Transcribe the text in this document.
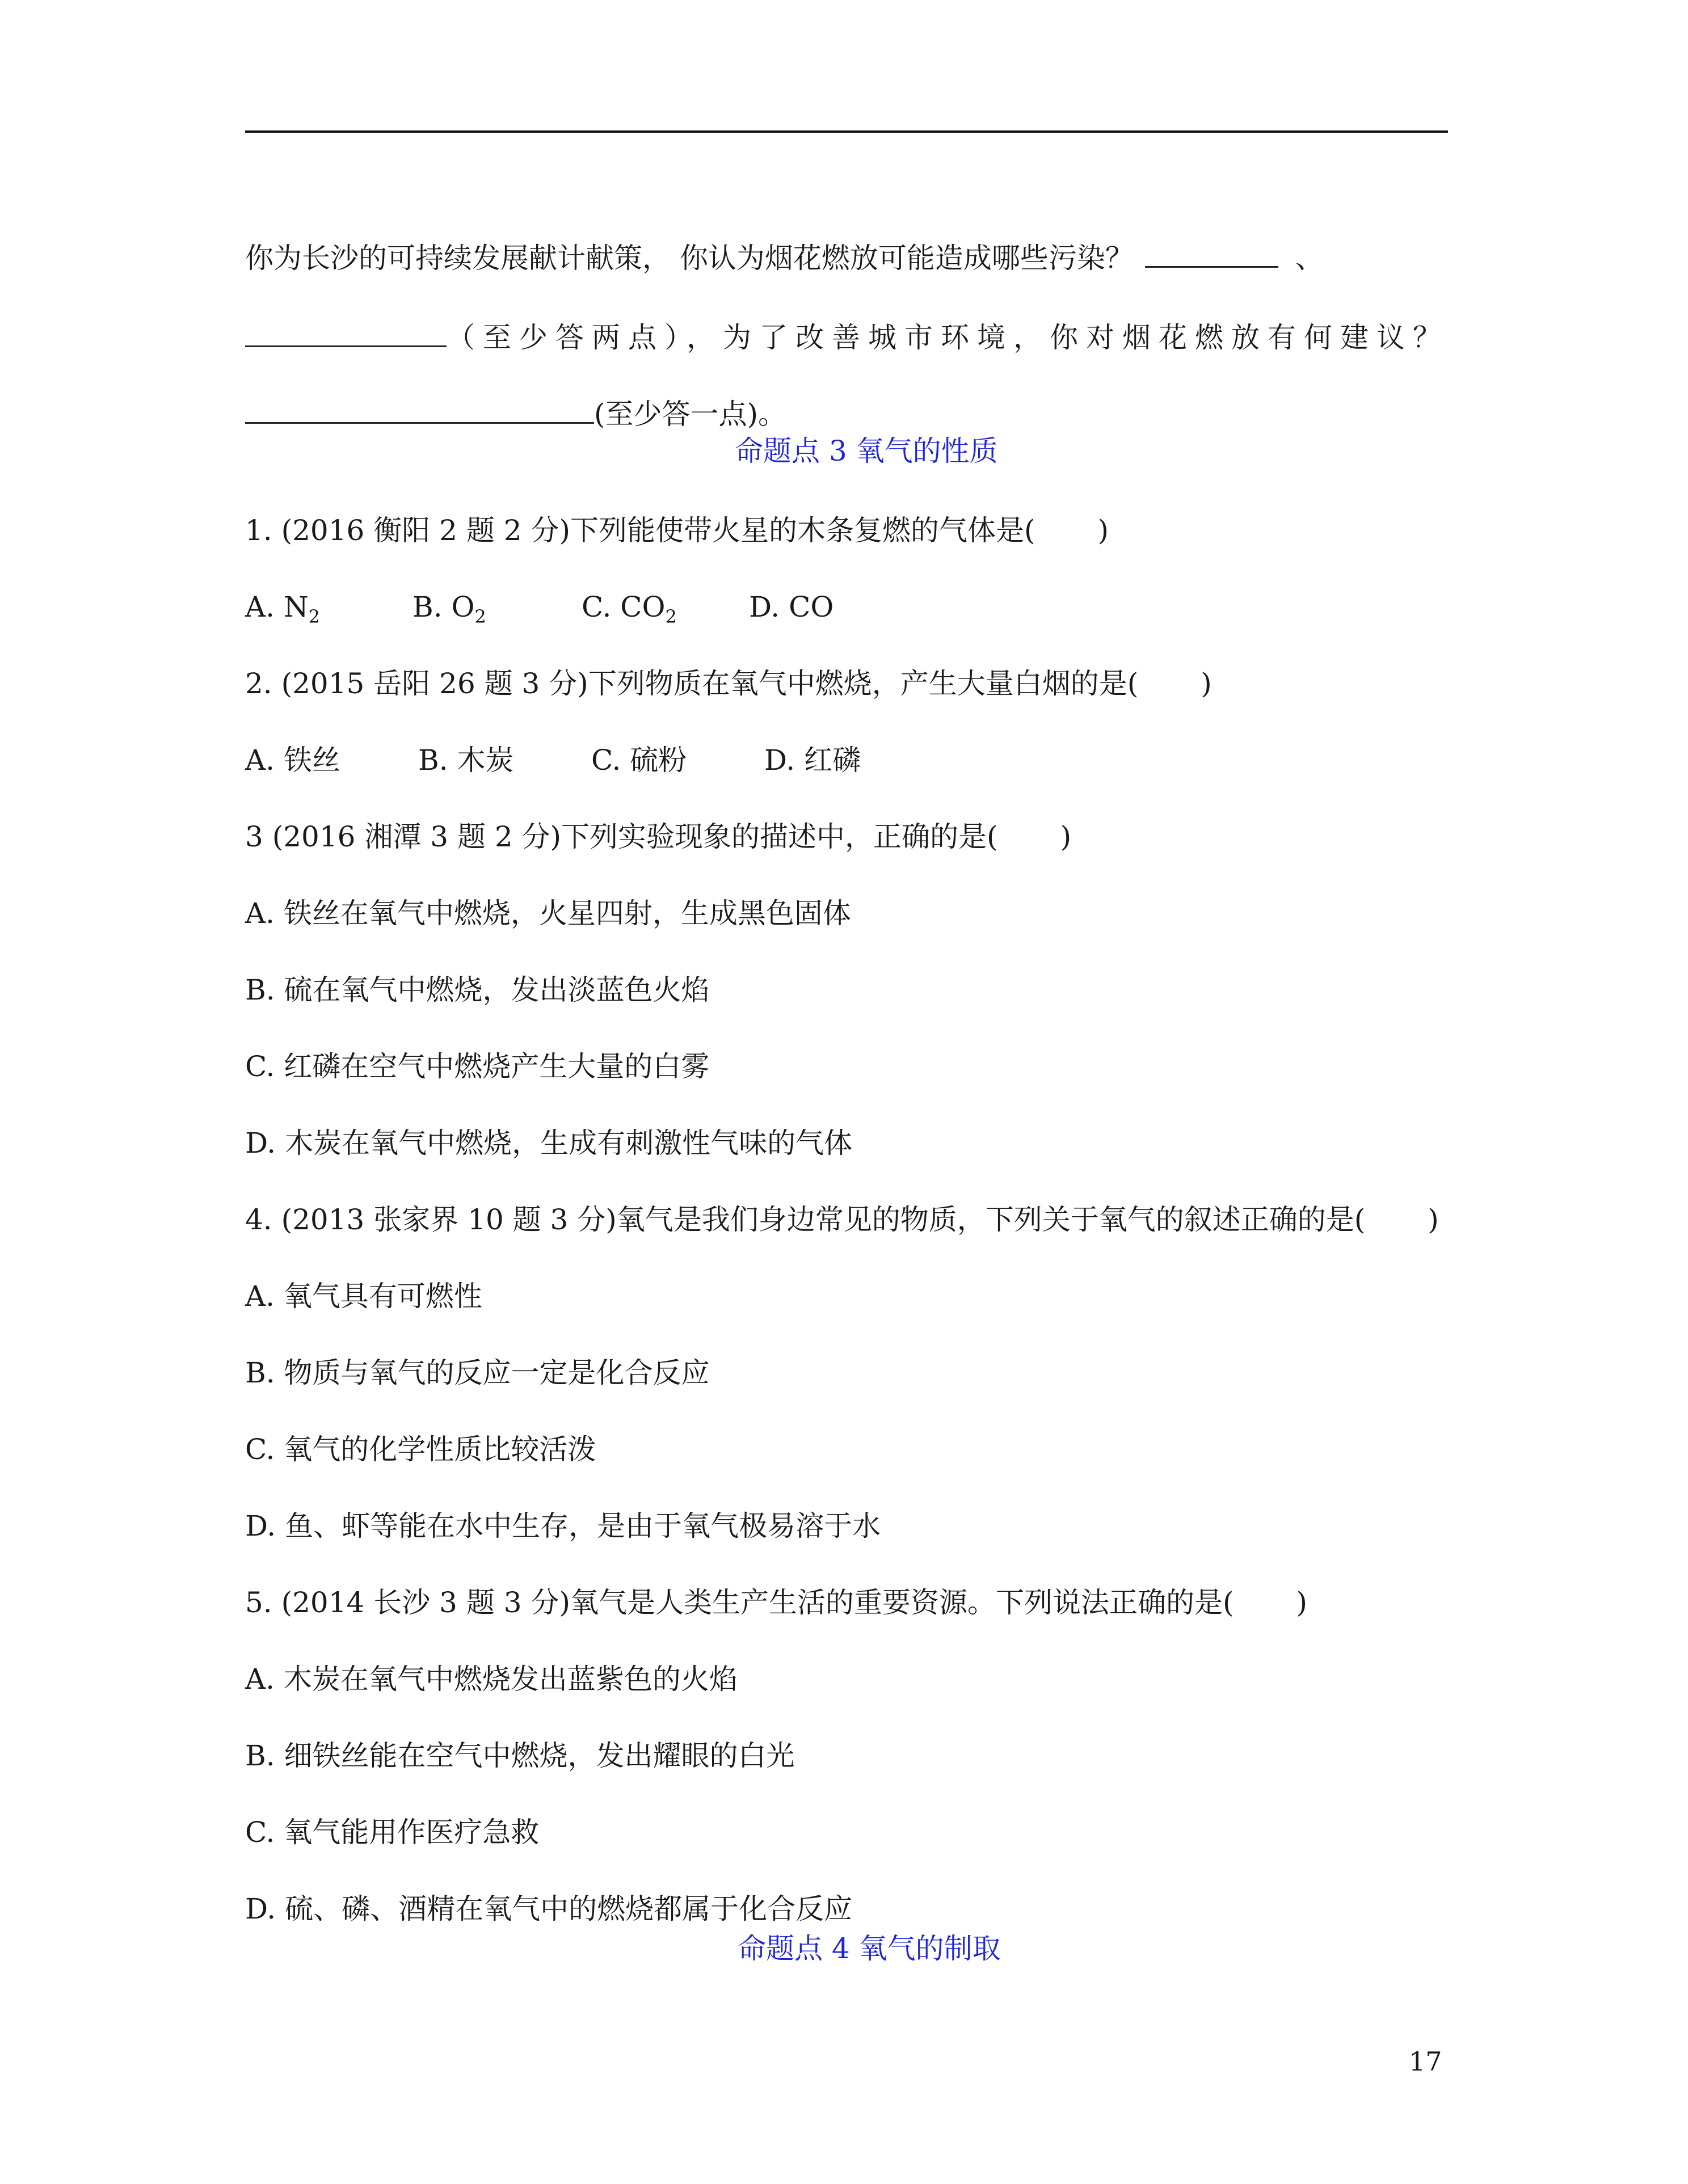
你为长沙的可持续发展献计献策， 你认为烟花燃放可能造成哪些污染？	、
（至少答两点），为了改善城市环境，你对烟花燃放有何建议？
(至少答一点)。
命题点 3 氧气的性质
1. (2016 衡阳 2 题 2 分)下列能使带火星的木条复燃的气体是( )
A. $N_2$	B. $O_2$	C. $CO_2$	D. CO
2. (2015 岳阳 26 题 3 分)下列物质在氧气中燃烧，产生大量白烟的是( )
A. 铁丝	B. 木炭	C. 硫粉	D. 红磷
3 (2016 湘潭 3 题 2 分)下列实验现象的描述中，正确的是( )
A. 铁丝在氧气中燃烧，火星四射，生成黑色固体
B. 硫在氧气中燃烧，发出淡蓝色火焰
C. 红磷在空气中燃烧产生大量的白雾
D. 木炭在氧气中燃烧，生成有刺激性气味的气体
4. (2013 张家界 10 题 3 分)氧气是我们身边常见的物质，下列关于氧气的叙述正确的是( )
A. 氧气具有可燃性
B. 物质与氧气的反应一定是化合反应
C. 氧气的化学性质比较活泼
D. 鱼、虾等能在水中生存，是由于氧气极易溶于水
5. (2014 长沙 3 题 3 分)氧气是人类生产生活的重要资源。下列说法正确的是( )
A. 木炭在氧气中燃烧发出蓝紫色的火焰
B. 细铁丝能在空气中燃烧，发出耀眼的白光
C. 氧气能用作医疗急救
D. 硫、磷、酒精在氧气中的燃烧都属于化合反应
命题点 4 氧气的制取
17
